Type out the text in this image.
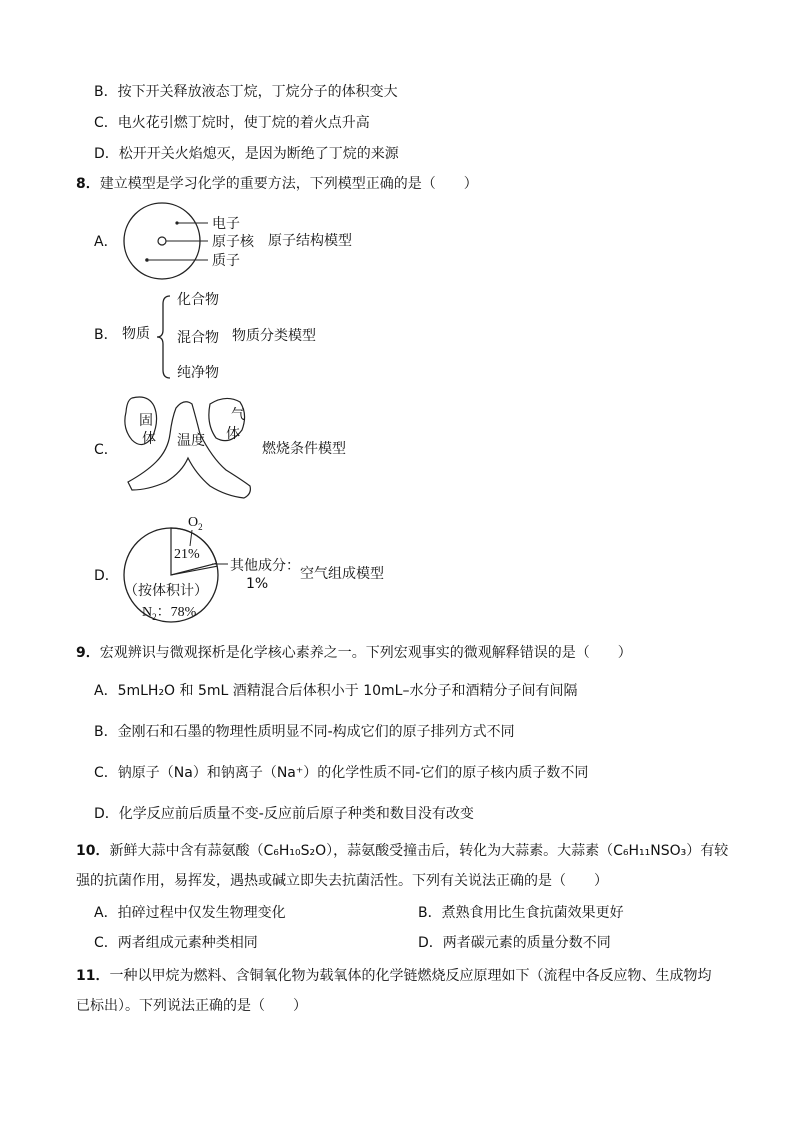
B．按下开关释放液态丁烷，丁烷分子的体积变大
C．电火花引燃丁烷时，使丁烷的着火点升高
D．松开开关火焰熄灭，是因为断绝了丁烷的来源
8．建立模型是学习化学的重要方法，下列模型正确的是（　　）
A．
电子
原子核
质子
原子结构模型
B． 物质
化合物
混合物
纯净物
物质分类模型
C．
固
体 温度
气
体
燃烧条件模型
D．
$O_2$
21%
其他成分：
1%
（按体积计）
$N_2$：78%
空气组成模型
9．宏观辨识与微观探析是化学核心素养之一。下列宏观事实的微观解释错误的是（　　）
A．5mLH₂O 和 5mL 酒精混合后体积小于 10mL–水分子和酒精分子间有间隔
B．金刚石和石墨的物理性质明显不同-构成它们的原子排列方式不同
C．钠原子（Na）和钠离子（Na⁺）的化学性质不同-它们的原子核内质子数不同
D．化学反应前后质量不变-反应前后原子种类和数目没有改变
10．新鲜大蒜中含有蒜氨酸（C₆H₁₀S₂O），蒜氨酸受撞击后，转化为大蒜素。大蒜素（C₆H₁₁NSO₃）有较
强的抗菌作用，易挥发，遇热或碱立即失去抗菌活性。下列有关说法正确的是（　　）
A．拍碎过程中仅发生物理变化	B．煮熟食用比生食抗菌效果更好
C．两者组成元素种类相同	D．两者碳元素的质量分数不同
11．一种以甲烷为燃料、含铜氧化物为载氧体的化学链燃烧反应原理如下（流程中各反应物、生成物均
已标出）。下列说法正确的是（　　）
